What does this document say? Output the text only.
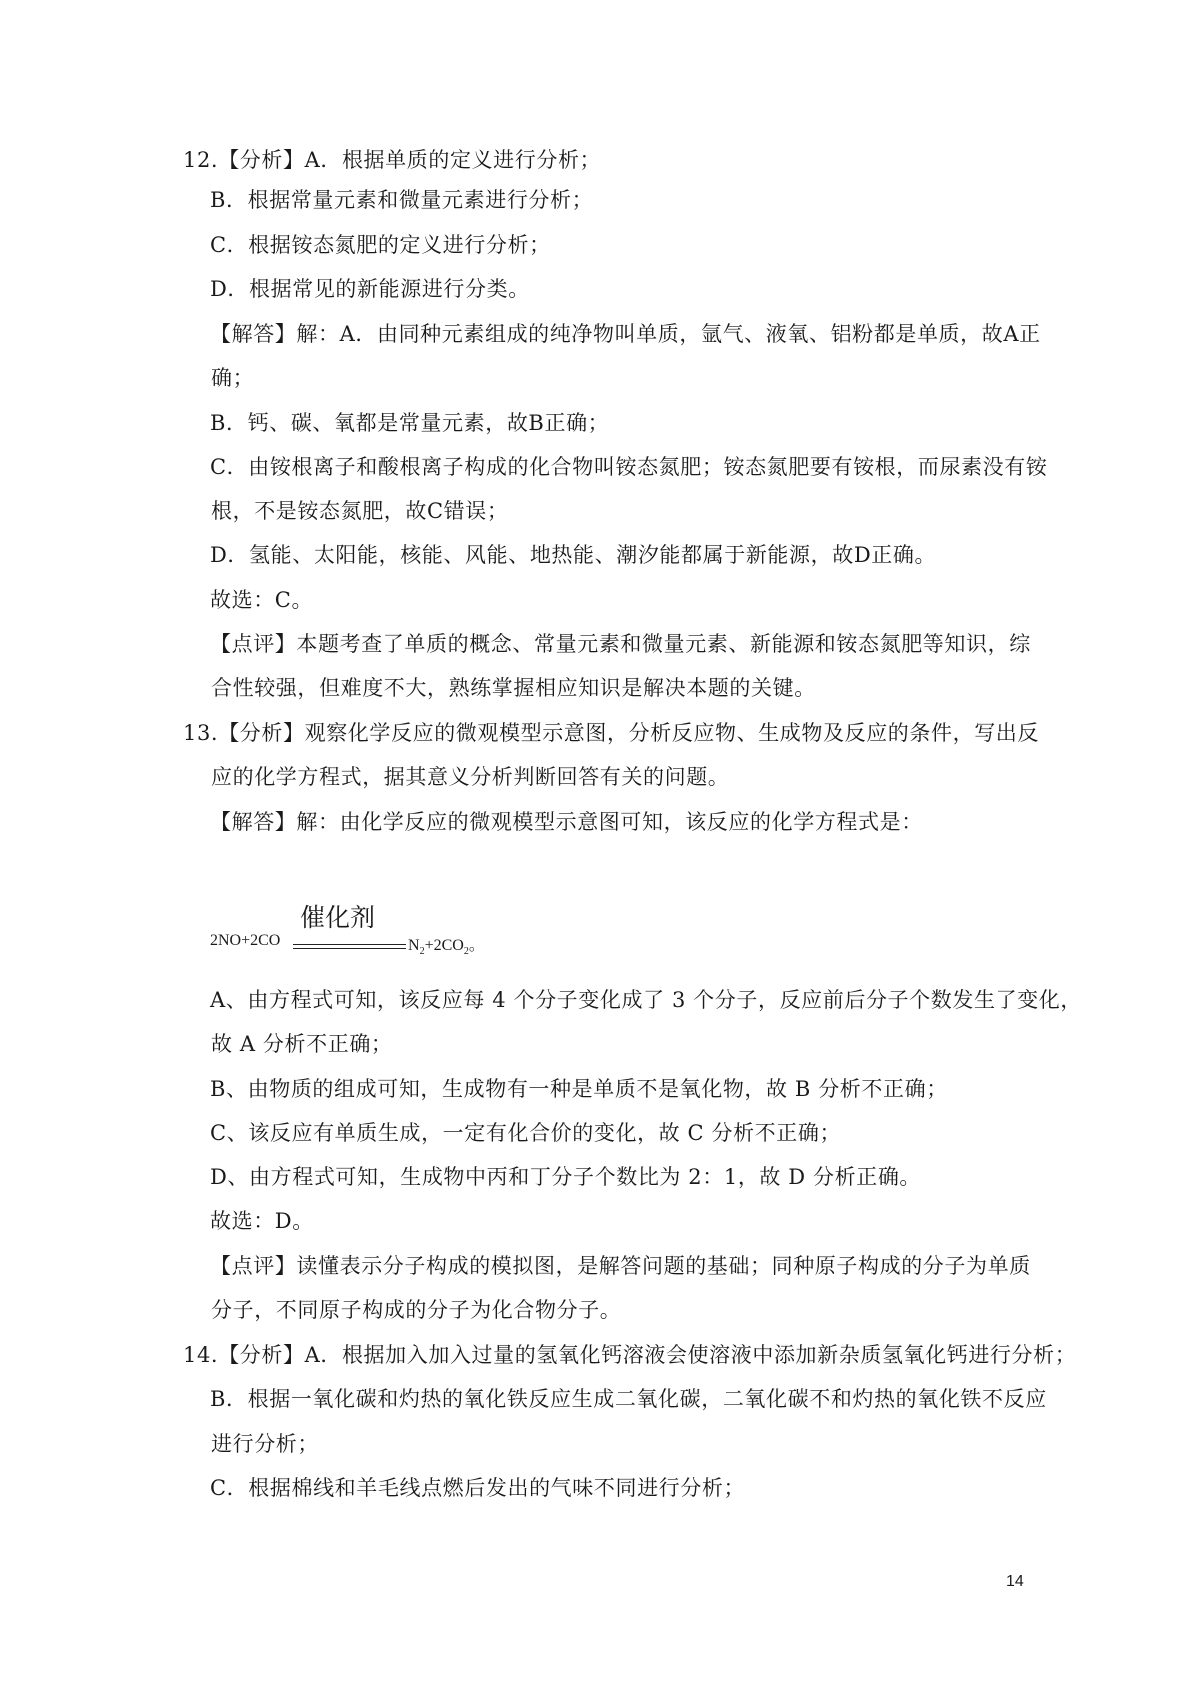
12.【分析】A．根据单质的定义进行分析；
B．根据常量元素和微量元素进行分析；
C．根据铵态氮肥的定义进行分析；
D．根据常见的新能源进行分类。
【解答】解：A．由同种元素组成的纯净物叫单质，氩气、液氧、铝粉都是单质，故A正
确；
B．钙、碳、氧都是常量元素，故B正确；
C．由铵根离子和酸根离子构成的化合物叫铵态氮肥；铵态氮肥要有铵根，而尿素没有铵
根，不是铵态氮肥，故C错误；
D．氢能、太阳能，核能、风能、地热能、潮汐能都属于新能源，故D正确。
故选：C。
【点评】本题考查了单质的概念、常量元素和微量元素、新能源和铵态氮肥等知识，综
合性较强，但难度不大，熟练掌握相应知识是解决本题的关键。
13.【分析】观察化学反应的微观模型示意图，分析反应物、生成物及反应的条件，写出反
应的化学方程式，据其意义分析判断回答有关的问题。
【解答】解：由化学反应的微观模型示意图可知，该反应的化学方程式是：
2NO+2CO
催化剂
$N_2+2CO_2$。
A、由方程式可知，该反应每 4 个分子变化成了 3 个分子，反应前后分子个数发生了变化，
故 A 分析不正确；
B、由物质的组成可知，生成物有一种是单质不是氧化物，故 B 分析不正确；
C、该反应有单质生成，一定有化合价的变化，故 C 分析不正确；
D、由方程式可知，生成物中丙和丁分子个数比为 2：1，故 D 分析正确。
故选：D。
【点评】读懂表示分子构成的模拟图，是解答问题的基础；同种原子构成的分子为单质
分子，不同原子构成的分子为化合物分子。
14.【分析】A．根据加入加入过量的氢氧化钙溶液会使溶液中添加新杂质氢氧化钙进行分析；
B．根据一氧化碳和灼热的氧化铁反应生成二氧化碳，二氧化碳不和灼热的氧化铁不反应
进行分析；
C．根据棉线和羊毛线点燃后发出的气味不同进行分析；
14
